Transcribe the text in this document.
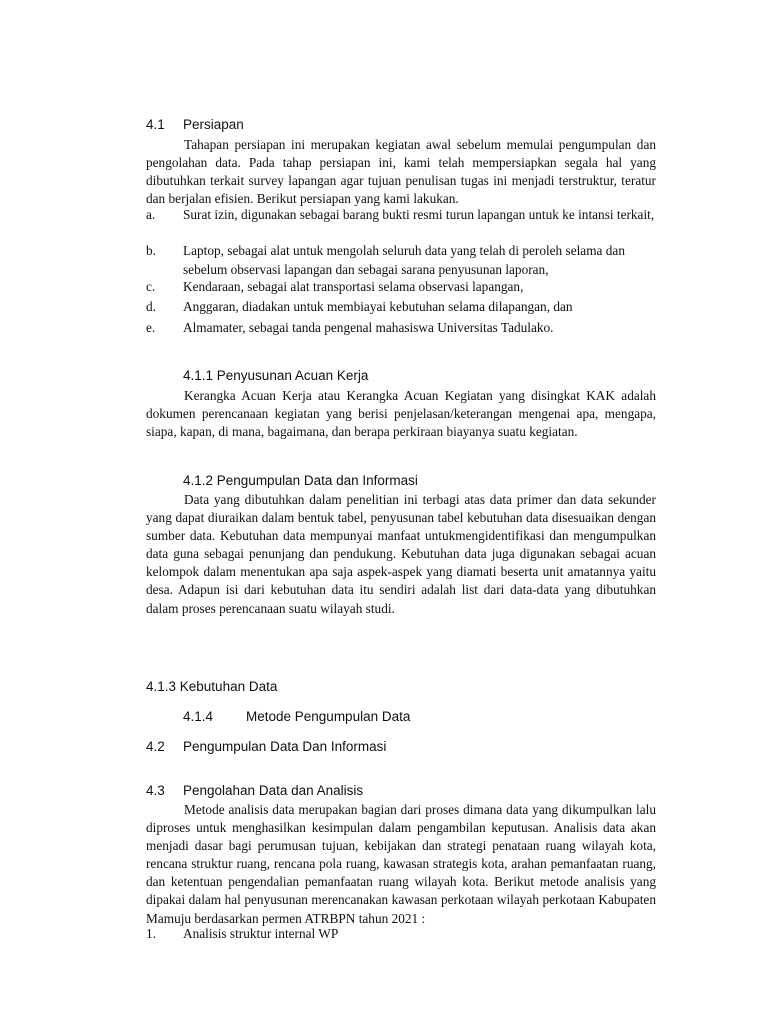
4.1 Persiapan

Tahapan persiapan ini merupakan kegiatan awal sebelum memulai pengumpulan dan pengolahan data. Pada tahap persiapan ini, kami telah mempersiapkan segala hal yang dibutuhkan terkait survey lapangan agar tujuan penulisan tugas ini menjadi terstruktur, teratur dan berjalan efisien. Berikut persiapan yang kami lakukan.

a. Surat izin, digunakan sebagai barang bukti resmi turun lapangan untuk ke intansi terkait,
b. Laptop, sebagai alat untuk mengolah seluruh data yang telah di peroleh selama dan sebelum observasi lapangan dan sebagai sarana penyusunan laporan,
c. Kendaraan, sebagai alat transportasi selama observasi lapangan,
d. Anggaran, diadakan untuk membiayai kebutuhan selama dilapangan, dan
e. Almamater, sebagai tanda pengenal mahasiswa Universitas Tadulako.
4.1.1 Penyusunan Acuan Kerja

Kerangka Acuan Kerja atau Kerangka Acuan Kegiatan yang disingkat KAK adalah dokumen perencanaan kegiatan yang berisi penjelasan/keterangan mengenai apa, mengapa, siapa, kapan, di mana, bagaimana, dan berapa perkiraan biayanya suatu kegiatan.

4.1.2 Pengumpulan Data dan Informasi

Data yang dibutuhkan dalam penelitian ini terbagi atas data primer dan data sekunder yang dapat diuraikan dalam bentuk tabel, penyusunan tabel kebutuhan data disesuaikan dengan sumber data. Kebutuhan data mempunyai manfaat untukmengidentifikasi dan mengumpulkan data guna sebagai penunjang dan pendukung. Kebutuhan data juga digunakan sebagai acuan kelompok dalam menentukan apa saja aspek-aspek yang diamati beserta unit amatannya yaitu desa. Adapun isi dari kebutuhan data itu sendiri adalah list dari data-data yang dibutuhkan dalam proses perencanaan suatu wilayah studi.

4.1.3 Kebutuhan Data
4.1.4 Metode Pengumpulan Data
4.2 Pengumpulan Data Dan Informasi
4.3 Pengolahan Data dan Analisis

Metode analisis data merupakan bagian dari proses dimana data yang dikumpulkan lalu diproses untuk menghasilkan kesimpulan dalam pengambilan keputusan. Analisis data akan menjadi dasar bagi perumusan tujuan, kebijakan dan strategi penataan ruang wilayah kota, rencana struktur ruang, rencana pola ruang, kawasan strategis kota, arahan pemanfaatan ruang, dan ketentuan pengendalian pemanfaatan ruang wilayah kota. Berikut metode analisis yang dipakai dalam hal penyusunan merencanakan kawasan perkotaan wilayah perkotaan Kabupaten Mamuju berdasarkan permen ATRBPN tahun 2021 :

1. Analisis struktur internal WP
